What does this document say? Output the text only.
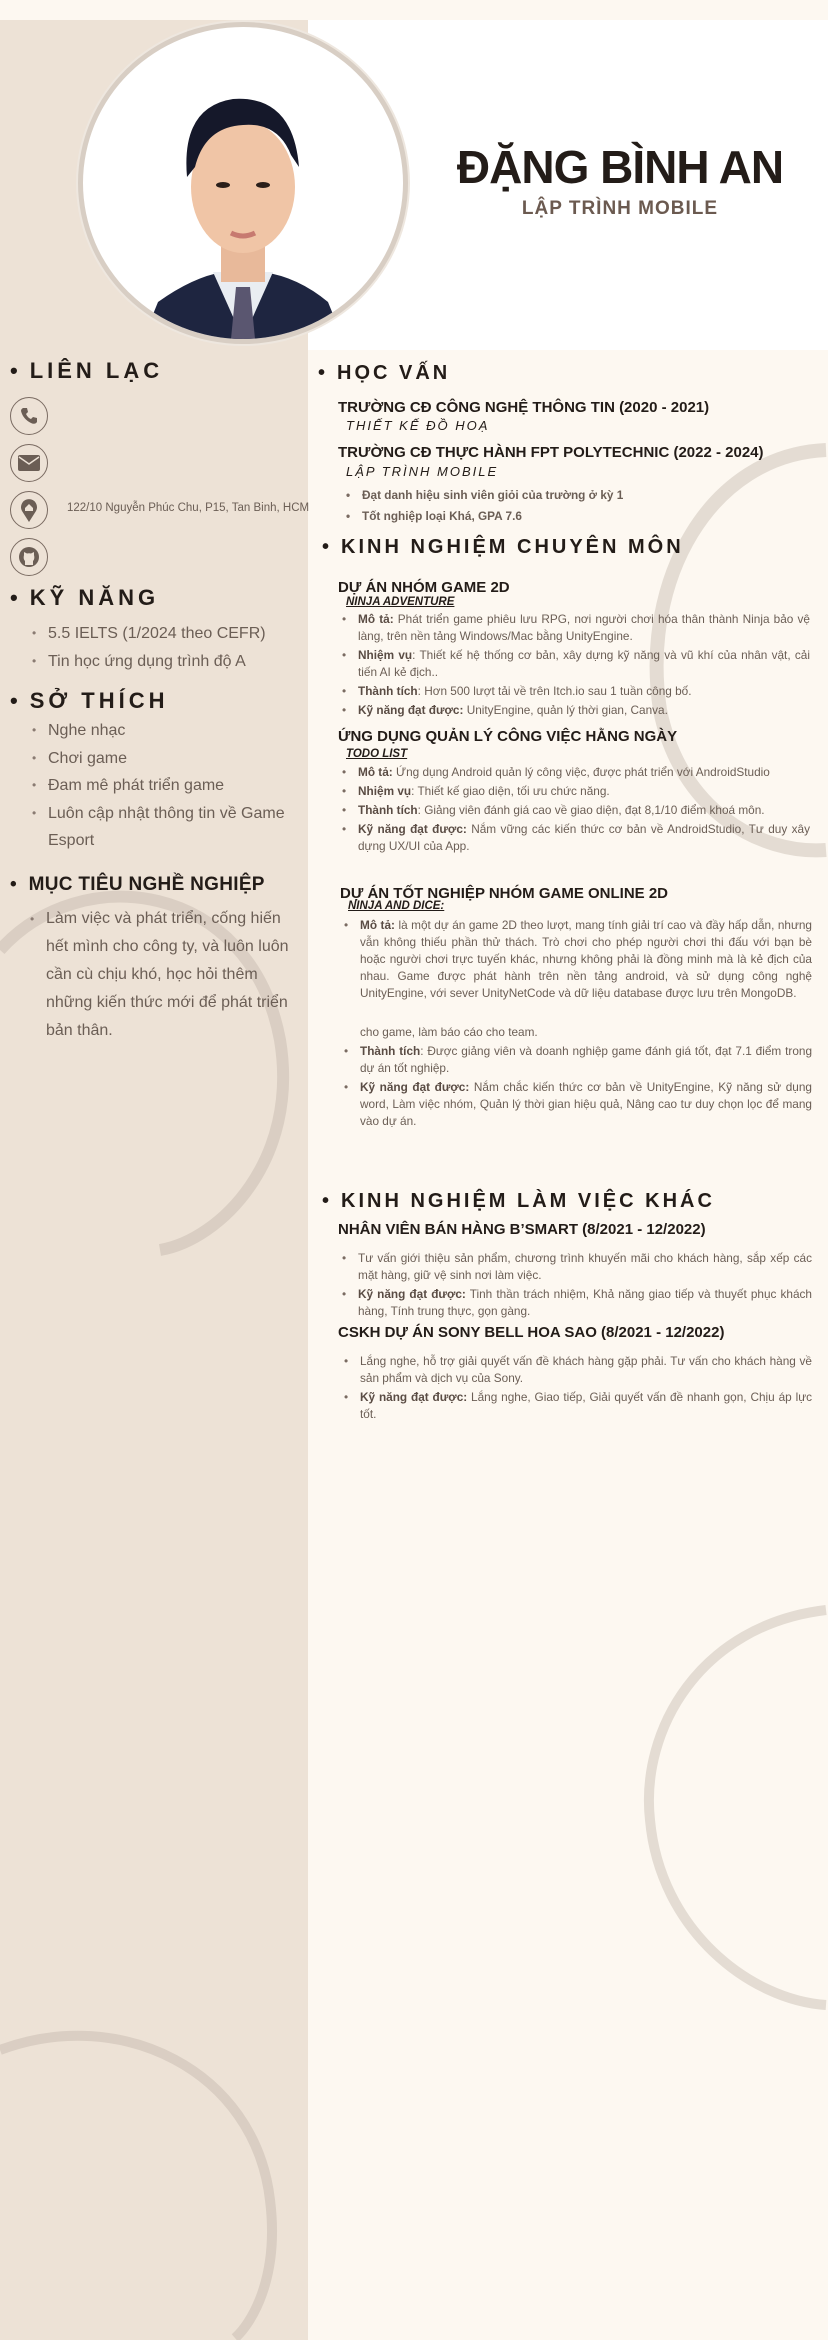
ĐẶNG BÌNH AN
LẬP TRÌNH MOBILE
• LIÊN LẠC
122/10 Nguyễn Phúc Chu, P15, Tan Binh, HCM
• KỸ NĂNG
• 5.5 IELTS (1/2024 theo CEFR)
• Tin học ứng dụng trình độ A
• SỞ THÍCH
• Nghe nhạc
• Chơi game
• Đam mê phát triển game
• Luôn cập nhật thông tin về Game Esport
• MỤC TIÊU NGHỀ NGHIỆP
• Làm việc và phát triển, cống hiến hết mình cho công ty, và luôn luôn cần cù chịu khó, học hỏi thêm những kiến thức mới để phát triển bản thân.
• HỌC VẤN
TRƯỜNG CĐ CÔNG NGHỆ THÔNG TIN (2020 - 2021)
THIẾT KẾ ĐỒ HOẠ
TRƯỜNG CĐ THỰC HÀNH FPT POLYTECHNIC (2022 - 2024)
LẬP TRÌNH MOBILE
• Đạt danh hiệu sinh viên giỏi của trường ở kỳ 1
• Tốt nghiệp loại Khá, GPA 7.6
• KINH NGHIỆM CHUYÊN MÔN
DỰ ÁN NHÓM GAME 2D
NINJA ADVENTURE
• Mô tả: Phát triển game phiêu lưu RPG, nơi người chơi hóa thân thành Ninja bảo vệ làng, trên nền tảng Windows/Mac bằng UnityEngine.
• Nhiệm vụ: Thiết kế hệ thống cơ bản, xây dựng kỹ năng và vũ khí của nhân vật, cải tiến AI kẻ địch..
• Thành tích: Hơn 500 lượt tải về trên Itch.io sau 1 tuần công bố.
• Kỹ năng đạt được: UnityEngine, quản lý thời gian, Canva.
ỨNG DỤNG QUẢN LÝ CÔNG VIỆC HẰNG NGÀY
TODO LIST
• Mô tả: Ứng dụng Android quản lý công việc, được phát triển với AndroidStudio
• Nhiệm vụ: Thiết kế giao diện, tối ưu chức năng.
• Thành tích: Giảng viên đánh giá cao về giao diện, đạt 8,1/10 điểm khoá môn.
• Kỹ năng đạt được: Nắm vững các kiến thức cơ bản về AndroidStudio, Tư duy xây dựng UX/UI của App.
DỰ ÁN TỐT NGHIỆP NHÓM GAME ONLINE 2D
NINJA AND DICE:
• Mô tả: là một dự án game 2D theo lượt, mang tính giải trí cao và đầy hấp dẫn, nhưng vẫn không thiếu phần thử thách. Trò chơi cho phép người chơi thi đấu với bạn bè hoặc người chơi trực tuyến khác, nhưng không phải là đồng minh mà là kẻ địch của nhau. Game được phát hành trên nền tảng android, và sử dụng công nghệ UnityEngine, với sever UnityNetCode và dữ liệu database được lưu trên MongoDB.
cho game, làm báo cáo cho team.
• Thành tích: Được giảng viên và doanh nghiệp game đánh giá tốt, đạt 7.1 điểm trong dự án tốt nghiệp.
• Kỹ năng đạt được: Nắm chắc kiến thức cơ bản về UnityEngine, Kỹ năng sử dụng word, Làm việc nhóm, Quản lý thời gian hiệu quả, Nâng cao tư duy chọn lọc để mang vào dự án.
• KINH NGHIỆM LÀM VIỆC KHÁC
NHÂN VIÊN BÁN HÀNG B’SMART (8/2021 - 12/2022)
• Tư vấn giới thiệu sản phẩm, chương trình khuyến mãi cho khách hàng, sắp xếp các mặt hàng, giữ vệ sinh nơi làm việc.
• Kỹ năng đạt được: Tinh thần trách nhiệm, Khả năng giao tiếp và thuyết phục khách hàng, Tính trung thực, gọn gàng.
CSKH DỰ ÁN SONY BELL HOA SAO (8/2021 - 12/2022)
• Lắng nghe, hỗ trợ giải quyết vấn đề khách hàng gặp phải. Tư vấn cho khách hàng về sản phẩm và dịch vụ của Sony.
• Kỹ năng đạt được: Lắng nghe, Giao tiếp, Giải quyết vấn đề nhanh gọn, Chịu áp lực tốt.
